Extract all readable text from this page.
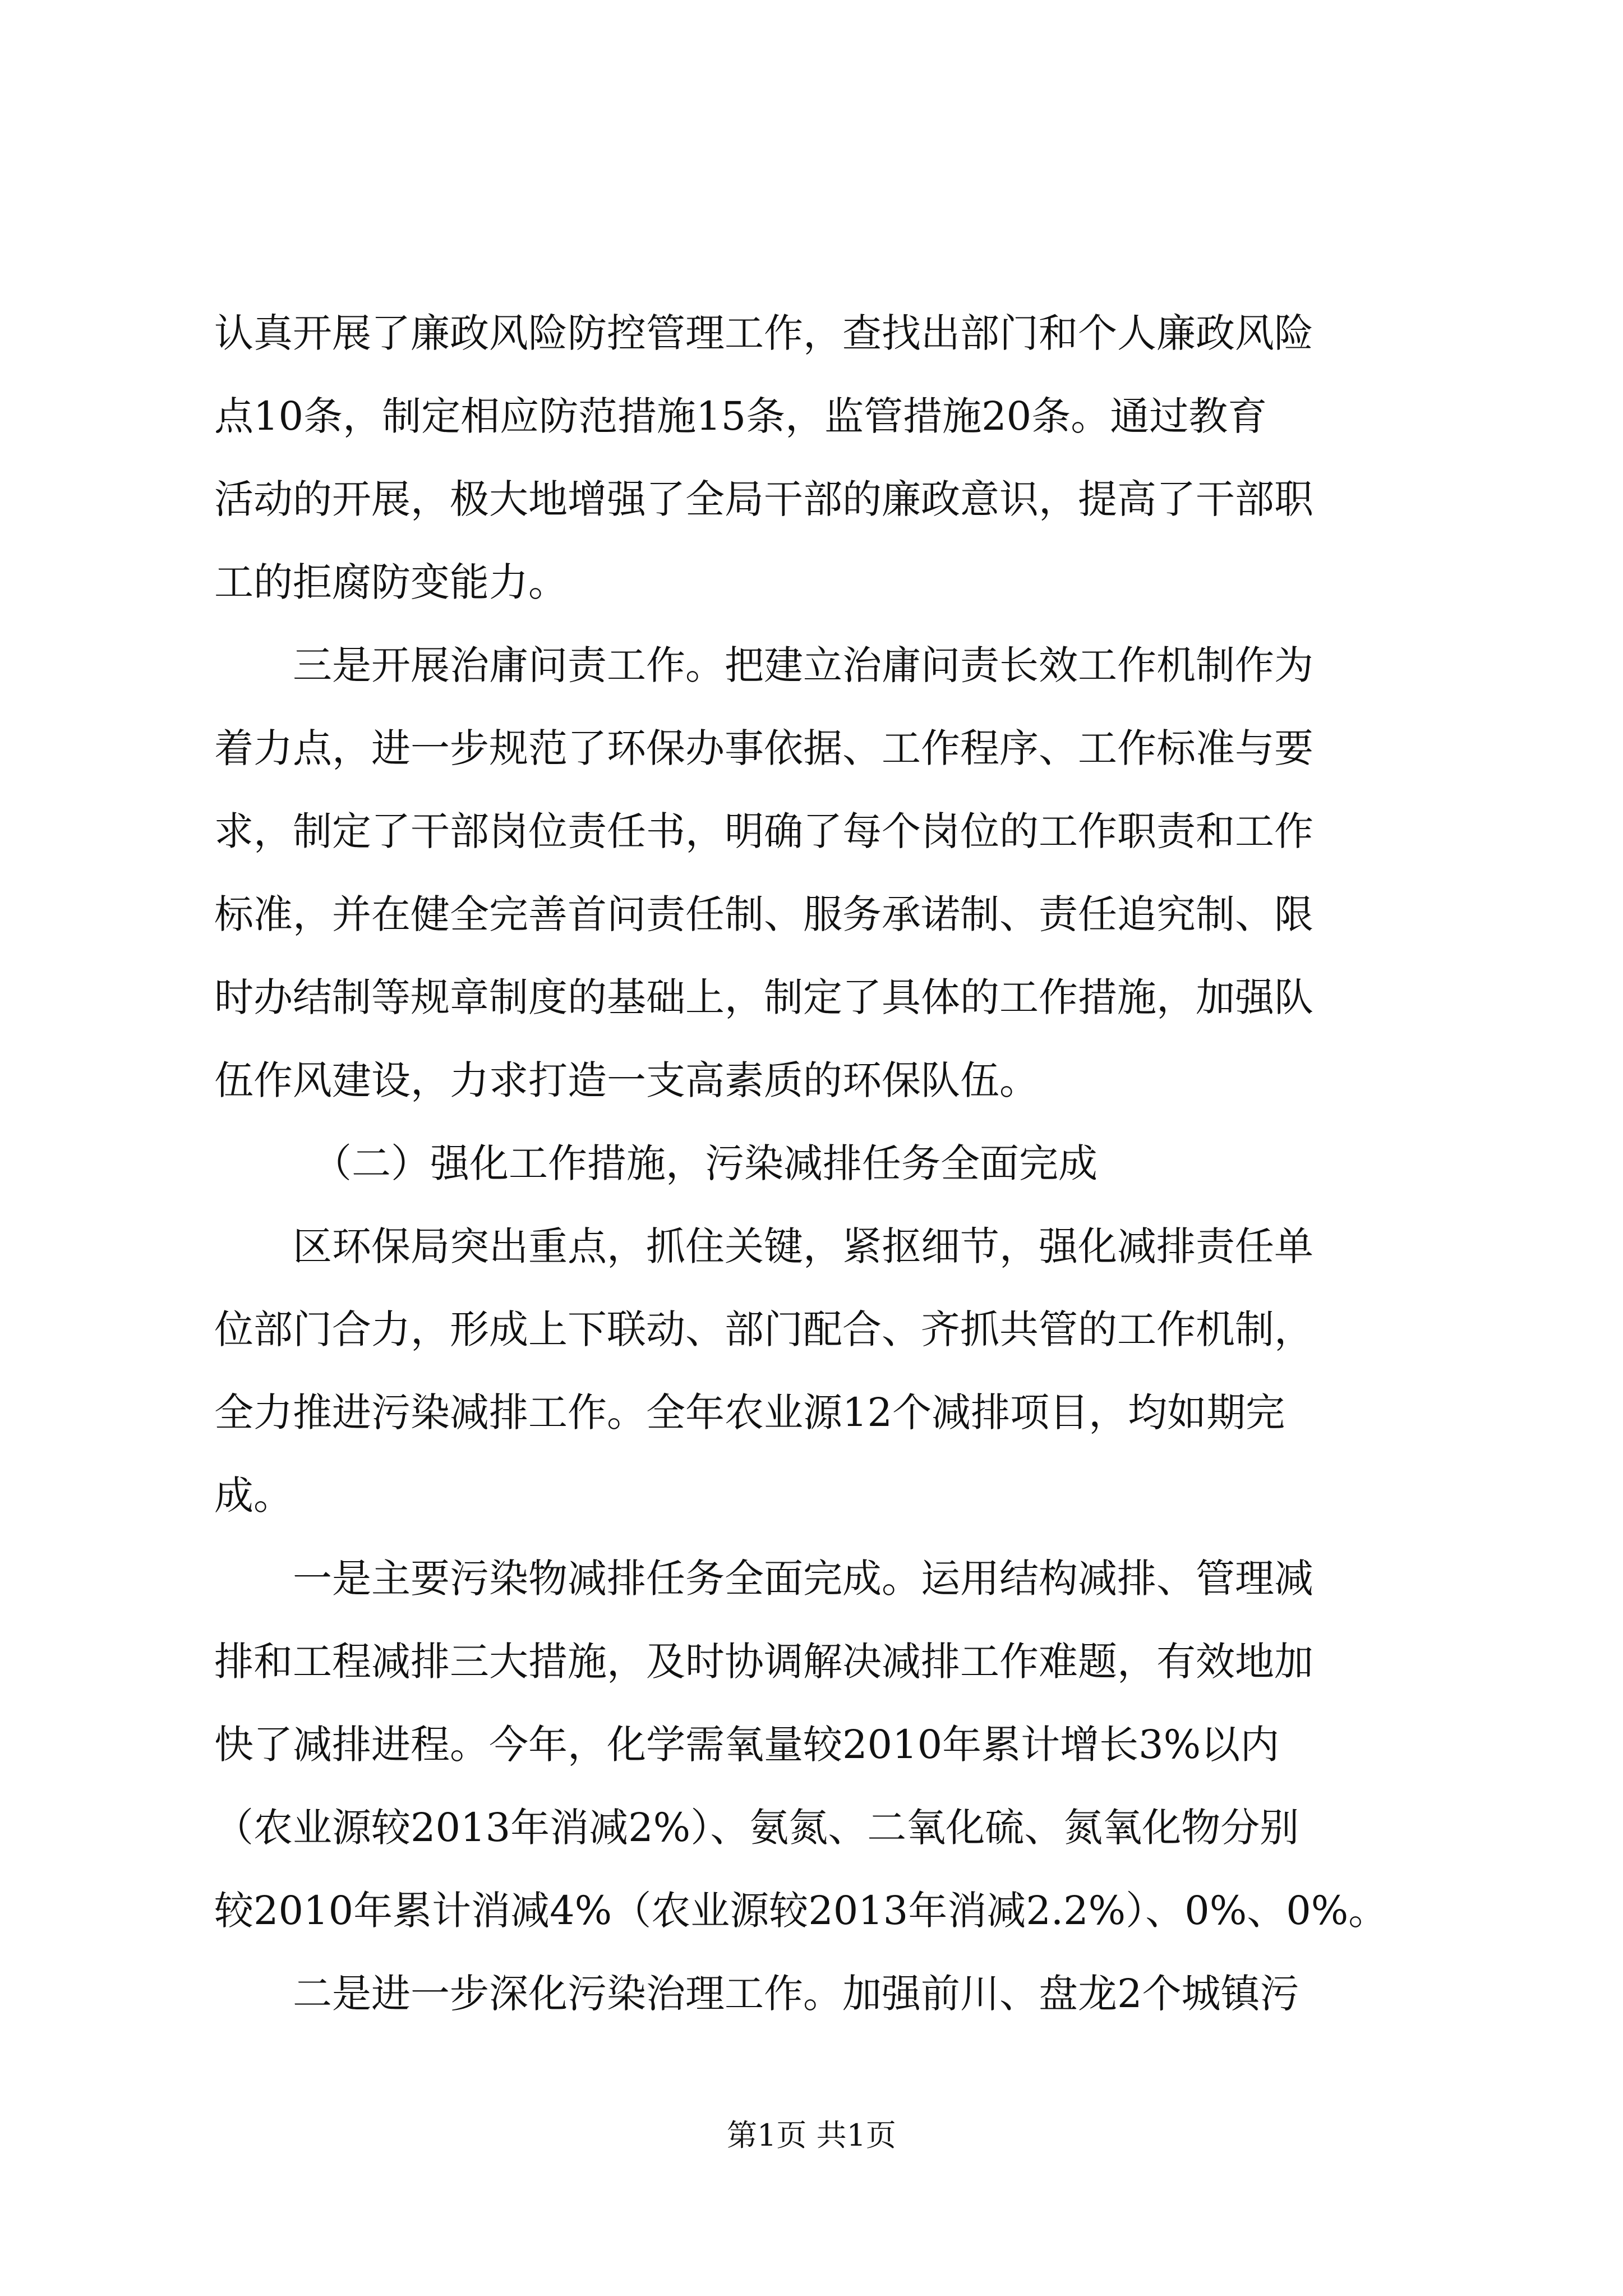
认真开展了廉政风险防控管理工作，查找出部门和个人廉政风险
点10条，制定相应防范措施15条，监管措施20条。通过教育
活动的开展，极大地增强了全局干部的廉政意识，提高了干部职
工的拒腐防变能力。
三是开展治庸问责工作。把建立治庸问责长效工作机制作为
着力点，进一步规范了环保办事依据、工作程序、工作标准与要
求，制定了干部岗位责任书，明确了每个岗位的工作职责和工作
标准，并在健全完善首问责任制、服务承诺制、责任追究制、限
时办结制等规章制度的基础上，制定了具体的工作措施，加强队
伍作风建设，力求打造一支高素质的环保队伍。
（二）强化工作措施，污染减排任务全面完成
区环保局突出重点，抓住关键，紧抠细节，强化减排责任单
位部门合力，形成上下联动、部门配合、齐抓共管的工作机制，
全力推进污染减排工作。全年农业源12个减排项目，均如期完
成。
一是主要污染物减排任务全面完成。运用结构减排、管理减
排和工程减排三大措施，及时协调解决减排工作难题，有效地加
快了减排进程。今年，化学需氧量较2010年累计增长3%以内
（农业源较2013年消减2%）、氨氮、二氧化硫、氮氧化物分别
较2010年累计消减4%（农业源较2013年消减2.2%）、0%、0%。
二是进一步深化污染治理工作。加强前川、盘龙2个城镇污
第1页 共1页
